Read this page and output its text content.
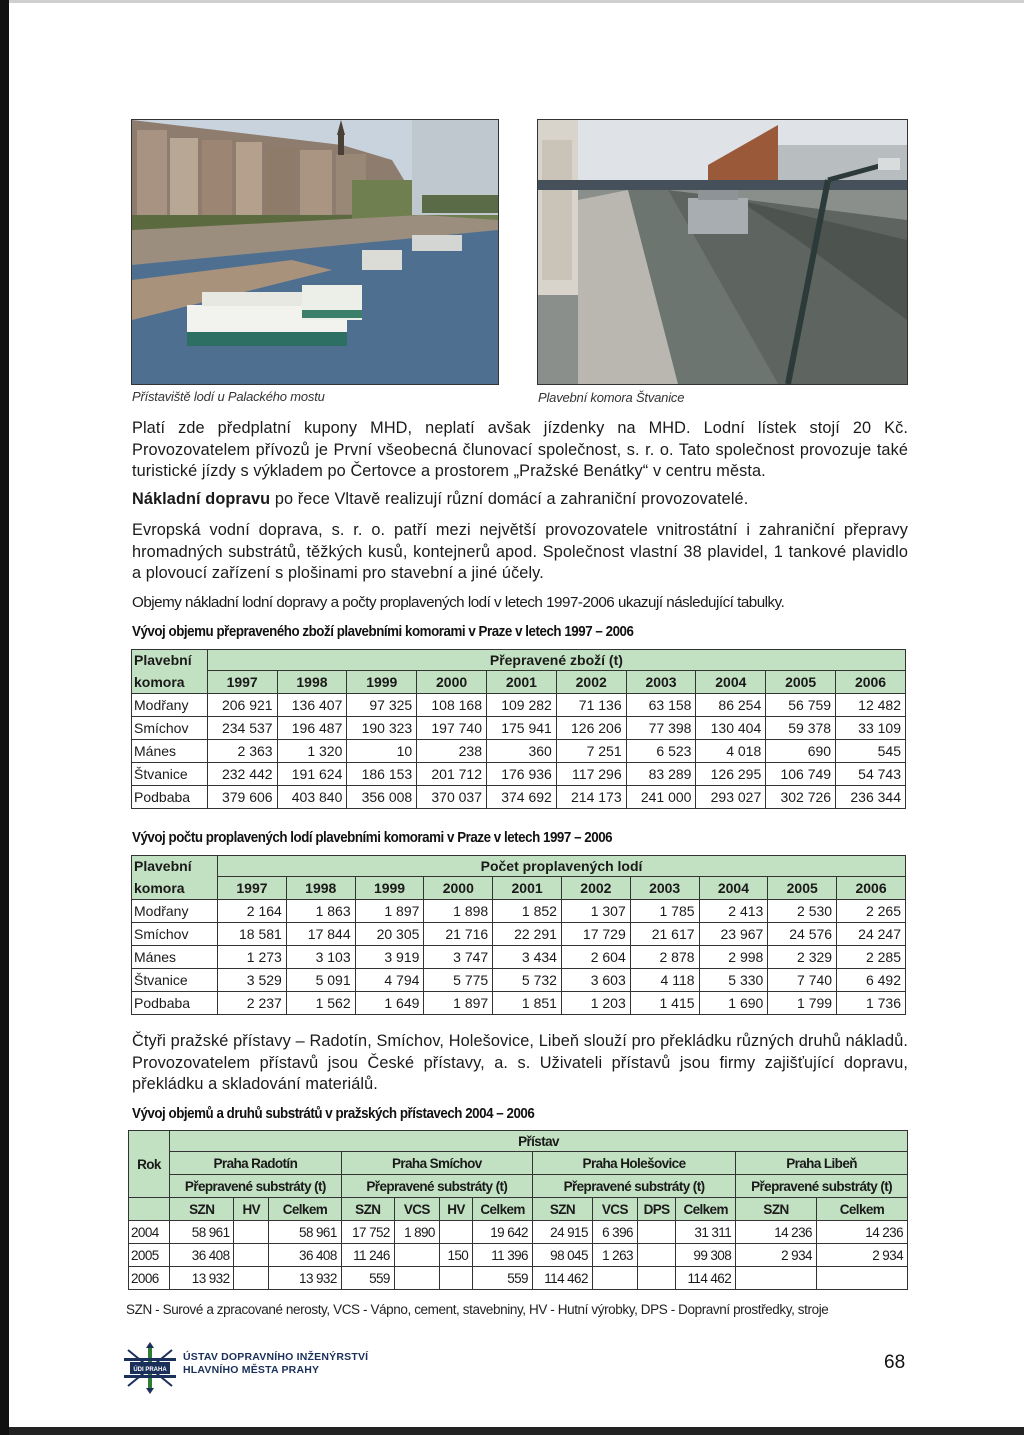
Přístaviště lodí u Palackého mostu	Plavební komora Štvanice
Platí zde předplatní kupony MHD, neplatí avšak jízdenky na MHD. Lodní lístek stojí 20 Kč. Provozovatelem přívozů je První všeobecná člunovací společnost, s. r. o. Tato společnost provozuje také turistické jízdy s výkladem po Čertovce a prostorem „Pražské Benátky“ v centru města.
Nákladní dopravu po řece Vltavě realizují různí domácí a zahraniční provozovatelé.
Evropská vodní doprava, s. r. o. patří mezi největší provozovatele vnitrostátní i zahraniční přepravy hromadných substrátů, těžkých kusů, kontejnerů apod. Společnost vlastní 38 plavidel, 1 tankové plavidlo a plovoucí zařízení s plošinami pro stavební a jiné účely.
Objemy nákladní lodní dopravy a počty proplavených lodí v letech 1997-2006 ukazují následující tabulky.
Vývoj objemu přepraveného zboží plavebními komorami v Praze v letech 1997 – 2006
Plavební	Přepravené zboží (t)									
komora	1997	1998	1999	2000	2001	2002	2003	2004	2005	2006
Modřany	206 921	136 407	97 325	108 168	109 282	71 136	63 158	86 254	56 759	12 482
Smíchov	234 537	196 487	190 323	197 740	175 941	126 206	77 398	130 404	59 378	33 109
Mánes	2 363	1 320	10	238	360	7 251	6 523	4 018	690	545
Štvanice	232 442	191 624	186 153	201 712	176 936	117 296	83 289	126 295	106 749	54 743
Podbaba	379 606	403 840	356 008	370 037	374 692	214 173	241 000	293 027	302 726	236 344
Vývoj počtu proplavených lodí plavebními komorami v Praze v letech 1997 – 2006
Plavební	Počet proplavených lodí									
komora	1997	1998	1999	2000	2001	2002	2003	2004	2005	2006
Modřany	2 164	1 863	1 897	1 898	1 852	1 307	1 785	2 413	2 530	2 265
Smíchov	18 581	17 844	20 305	21 716	22 291	17 729	21 617	23 967	24 576	24 247
Mánes	1 273	3 103	3 919	3 747	3 434	2 604	2 878	2 998	2 329	2 285
Štvanice	3 529	5 091	4 794	5 775	5 732	3 603	4 118	5 330	7 740	6 492
Podbaba	2 237	1 562	1 649	1 897	1 851	1 203	1 415	1 690	1 799	1 736
Čtyři pražské přístavy – Radotín, Smíchov, Holešovice, Libeň slouží pro překládku různých druhů nákladů. Provozovatelem přístavů jsou České přístavy, a. s. Uživateli přístavů jsou firmy zajišťující dopravu, překládku a skladování materiálů.
Vývoj objemů a druhů substrátů v pražských přístavech 2004 – 2006
Rok	Přístav												
	Praha Radotín			Praha Smíchov				Praha Holešovice				Praha Libeň	
	Přepravené substráty (t)			Přepravené substráty (t)				Přepravené substráty (t)				Přepravené substráty (t)	
	SZN	HV	Celkem	SZN	VCS	HV	Celkem	SZN	VCS	DPS	Celkem	SZN	Celkem
2004	58 961		58 961	17 752	1 890		19 642	24 915	6 396		31 311	14 236	14 236
2005	36 408		36 408	11 246		150	11 396	98 045	1 263		99 308	2 934	2 934
2006	13 932		13 932	559			559	114 462			114 462		
SZN - Surové a zpracované nerosty, VCS - Vápno, cement, stavebniny, HV - Hutní výrobky, DPS - Dopravní prostředky, stroje
ÚDI PRAHA
ÚSTAV DOPRAVNÍHO INŽENÝRSTVÍ
HLAVNÍHO MĚSTA PRAHY	68
